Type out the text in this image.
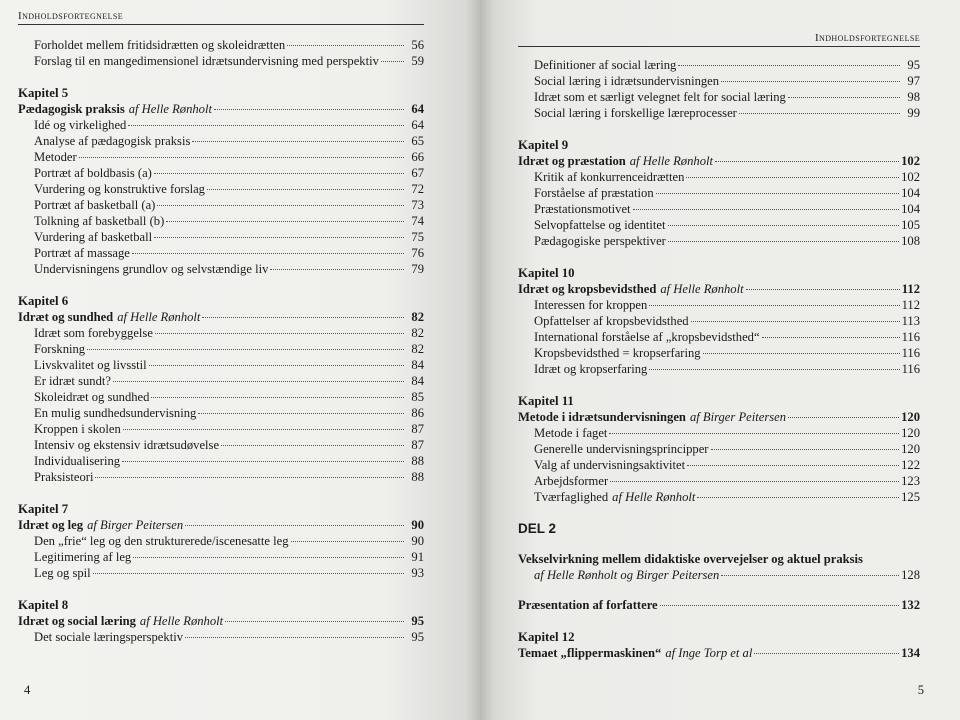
Indholdsfortegnelse
Forholdet mellem fritidsidrætten og skoleidrætten	56
Forslag til en mangedimensionel idrætsundervisning med perspektiv	59
Kapitel 5
Pædagogisk praksis af Helle Rønholt	64
Idé og virkelighed	64
Analyse af pædagogisk praksis	65
Metoder	66
Portræt af boldbasis (a)	67
Vurdering og konstruktive forslag	72
Portræt af basketball (a)	73
Tolkning af basketball (b)	74
Vurdering af basketball	75
Portræt af massage	76
Undervisningens grundlov og selvstændige liv	79
Kapitel 6
Idræt og sundhed af Helle Rønholt	82
Idræt som forebyggelse	82
Forskning	82
Livskvalitet og livsstil	84
Er idræt sundt?	84
Skoleidræt og sundhed	85
En mulig sundhedsundervisning	86
Kroppen i skolen	87
Intensiv og ekstensiv idrætsudøvelse	87
Individualisering	88
Praksisteori	88
Kapitel 7
Idræt og leg af Birger Peitersen	90
Den „frie“ leg og den strukturerede/iscenesatte leg	90
Legitimering af leg	91
Leg og spil	93
Kapitel 8
Idræt og social læring af Helle Rønholt	95
Det sociale læringsperspektiv	95
4
Indholdsfortegnelse
Definitioner af social læring	95
Social læring i idrætsundervisningen	97
Idræt som et særligt velegnet felt for social læring	98
Social læring i forskellige læreprocesser	99
Kapitel 9
Idræt og præstation af Helle Rønholt	102
Kritik af konkurrenceidrætten	102
Forståelse af præstation	104
Præstationsmotivet	104
Selvopfattelse og identitet	105
Pædagogiske perspektiver	108
Kapitel 10
Idræt og kropsbevidsthed af Helle Rønholt	112
Interessen for kroppen	112
Opfattelser af kropsbevidsthed	113
International forståelse af „kropsbevidsthed“	116
Kropsbevidsthed = kropserfaring	116
Idræt og kropserfaring	116
Kapitel 11
Metode i idrætsundervisningen af Birger Peitersen	120
Metode i faget	120
Generelle undervisningsprincipper	120
Valg af undervisningsaktivitet	122
Arbejdsformer	123
Tværfaglighed af Helle Rønholt	125
DEL 2
Vekselvirkning mellem didaktiske overvejelser og aktuel praksis
af Helle Rønholt og Birger Peitersen	128
Præsentation af forfattere	132
Kapitel 12
Temaet „flippermaskinen“ af Inge Torp et al	134
5
